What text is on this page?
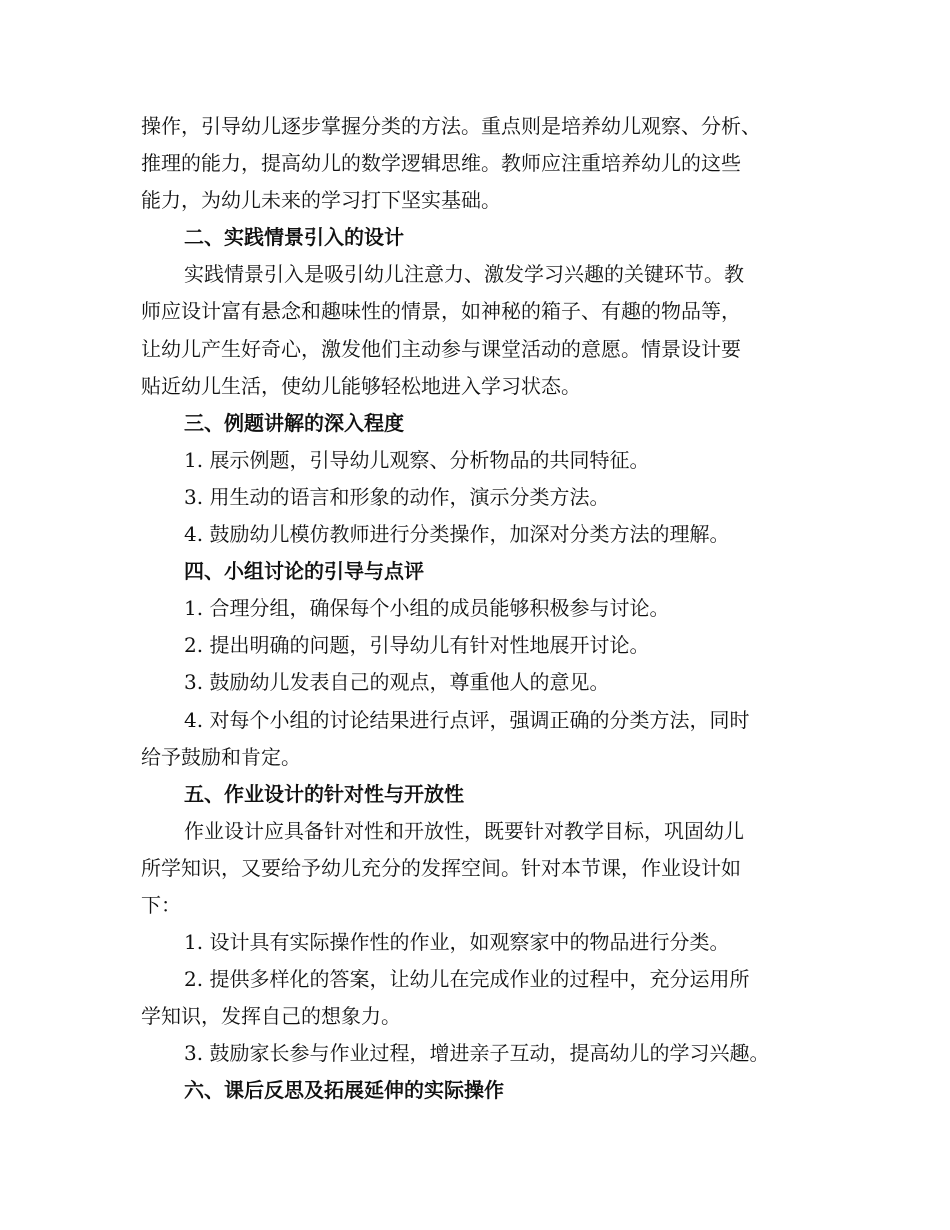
操作，引导幼儿逐步掌握分类的方法。重点则是培养幼儿观察、分析、
推理的能力，提高幼儿的数学逻辑思维。教师应注重培养幼儿的这些
能力，为幼儿未来的学习打下坚实基础。
二、实践情景引入的设计
实践情景引入是吸引幼儿注意力、激发学习兴趣的关键环节。教
师应设计富有悬念和趣味性的情景，如神秘的箱子、有趣的物品等，
让幼儿产生好奇心，激发他们主动参与课堂活动的意愿。情景设计要
贴近幼儿生活，使幼儿能够轻松地进入学习状态。
三、例题讲解的深入程度
1. 展示例题，引导幼儿观察、分析物品的共同特征。
3. 用生动的语言和形象的动作，演示分类方法。
4. 鼓励幼儿模仿教师进行分类操作，加深对分类方法的理解。
四、小组讨论的引导与点评
1. 合理分组，确保每个小组的成员能够积极参与讨论。
2. 提出明确的问题，引导幼儿有针对性地展开讨论。
3. 鼓励幼儿发表自己的观点，尊重他人的意见。
4. 对每个小组的讨论结果进行点评，强调正确的分类方法，同时
给予鼓励和肯定。
五、作业设计的针对性与开放性
作业设计应具备针对性和开放性，既要针对教学目标，巩固幼儿
所学知识，又要给予幼儿充分的发挥空间。针对本节课，作业设计如
下：
1. 设计具有实际操作性的作业，如观察家中的物品进行分类。
2. 提供多样化的答案，让幼儿在完成作业的过程中，充分运用所
学知识，发挥自己的想象力。
3. 鼓励家长参与作业过程，增进亲子互动，提高幼儿的学习兴趣。
六、课后反思及拓展延伸的实际操作
